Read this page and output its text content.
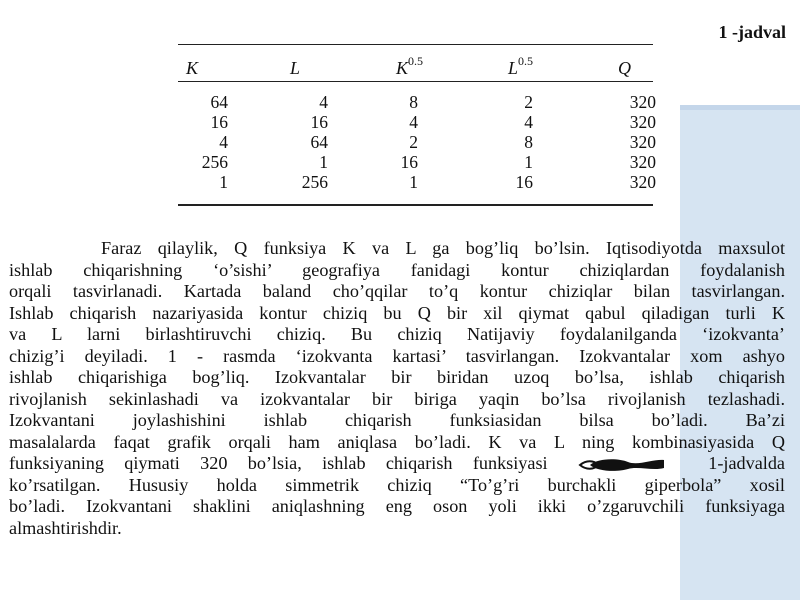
1 -jadval
K	L	$K^{0.5}$	$L^{0.5}$	Q
64	4	8	2	320
16	16	4	4	320
4	64	2	8	320
256	1	16	1	320
1	256	1	16	320
Faraz qilaylik, Q funksiya K va L ga bog’liq bo’lsin. Iqtisodiyotda maxsulot
ishlab chiqarishning ‘o’sishi’ geografiya fanidagi kontur chiziqlardan foydalanish
orqali tasvirlanadi. Kartada baland cho’qqilar to’q kontur chiziqlar bilan tasvirlangan.
Ishlab chiqarish nazariyasida kontur chiziq bu Q bir xil qiymat qabul qiladigan turli K
va L larni birlashtiruvchi chiziq. Bu chiziq Natijaviy foydalanilganda ‘izokvanta’
chizig’i deyiladi. 1 - rasmda ‘izokvanta kartasi’ tasvirlangan. Izokvantalar xom ashyo
ishlab chiqarishiga bog’liq. Izokvantalar bir biridan uzoq bo’lsa, ishlab chiqarish
rivojlanish sekinlashadi va izokvantalar bir biriga yaqin bo’lsa rivojlanish tezlashadi.
Izokvantani joylashishini ishlab chiqarish funksiasidan bilsa bo’ladi. Ba’zi
masalalarda faqat grafik orqali ham aniqlasa bo’ladi. K va L ning kombinasiyasida Q
funksiyaning qiymati 320 bo’lsia, ishlab chiqarish funksiyasi	1-jadvalda
ko’rsatilgan. Hususiy holda simmetrik chiziq “To’g’ri burchakli giperbola” xosil
bo’ladi. Izokvantani shaklini aniqlashning eng oson yoli ikki o’zgaruvchili funksiyaga
almashtirishdir.
